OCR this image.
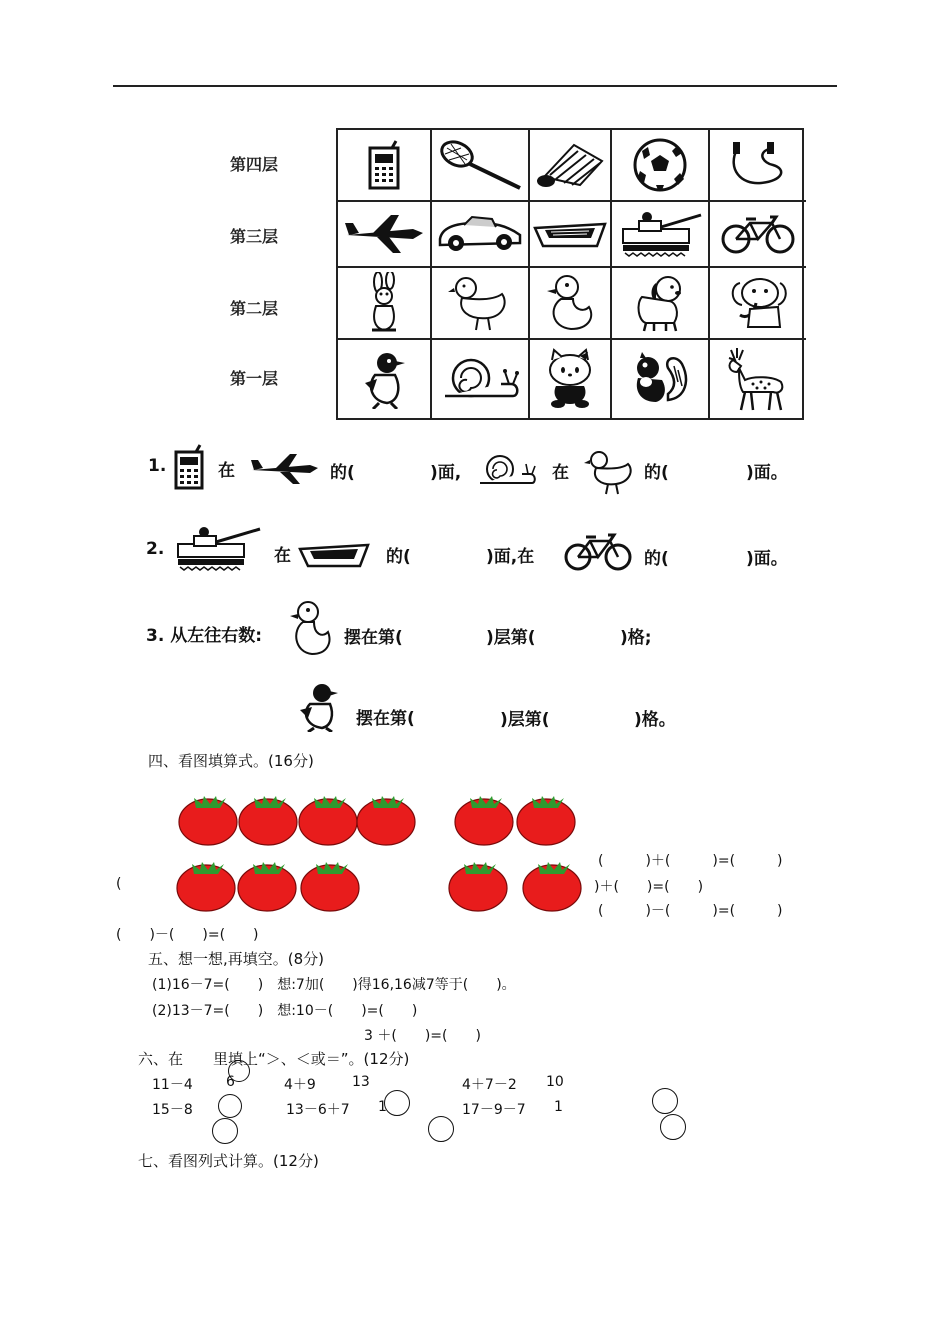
第四层
第三层
第二层
第一层
1.	在	的(	)面,	在	的(	)面。
2.	在	的(	)面,在	的(	)面。
3. 从左往右数:	摆在第(	)层第(	)格;
摆在第(	)层第(	)格。
四、看图填算式。(16分)
(　　　)＋(　　　)=(　　　)
(	)＋(　　)=(　　)
(　　　)－(　　　)=(　　　)
(　　)－(　　)=(　　)
五、想一想,再填空。(8分)
(1)16－7=(　　)　想:7加(　　)得16,16减7等于(　　)。
(2)13－7=(　　)　想:10－(　　)=(　　)
3 ＋(　　)=(　　)
六、在　　里填上“＞、＜或＝”。(12分)
11－4 6	4＋9	13	4＋7－2 10
15－8	13－6＋7 1	17－9－7 1
七、看图列式计算。(12分)
